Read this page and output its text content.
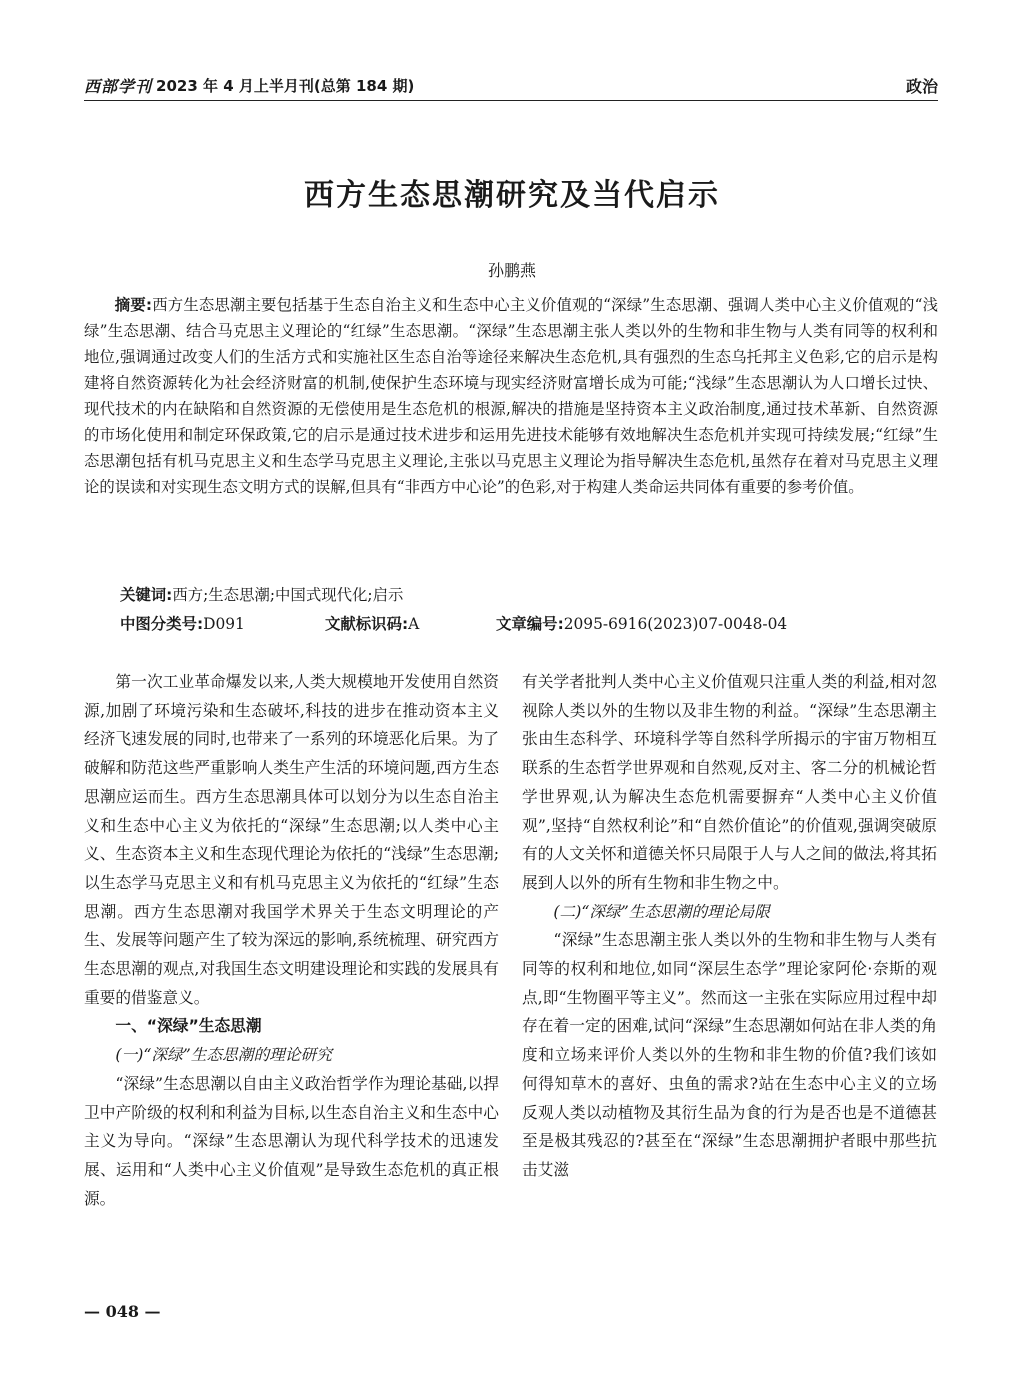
西部学刊 2023 年 4 月上半月刊(总第 184 期)	政治
西方生态思潮研究及当代启示
孙鹏燕
摘要:西方生态思潮主要包括基于生态自治主义和生态中心主义价值观的“深绿”生态思潮、强调人类中心主义价值观的“浅绿”生态思潮、结合马克思主义理论的“红绿”生态思潮。“深绿”生态思潮主张人类以外的生物和非生物与人类有同等的权利和地位,强调通过改变人们的生活方式和实施社区生态自治等途径来解决生态危机,具有强烈的生态乌托邦主义色彩,它的启示是构建将自然资源转化为社会经济财富的机制,使保护生态环境与现实经济财富增长成为可能;“浅绿”生态思潮认为人口增长过快、现代技术的内在缺陷和自然资源的无偿使用是生态危机的根源,解决的措施是坚持资本主义政治制度,通过技术革新、自然资源的市场化使用和制定环保政策,它的启示是通过技术进步和运用先进技术能够有效地解决生态危机并实现可持续发展;“红绿”生态思潮包括有机马克思主义和生态学马克思主义理论,主张以马克思主义理论为指导解决生态危机,虽然存在着对马克思主义理论的误读和对实现生态文明方式的误解,但具有“非西方中心论”的色彩,对于构建人类命运共同体有重要的参考价值。
关键词:西方;生态思潮;中国式现代化;启示
中图分类号:D091	文献标识码:A	文章编号:2095-6916(2023)07-0048-04

第一次工业革命爆发以来,人类大规模地开发使用自然资源,加剧了环境污染和生态破坏,科技的进步在推动资本主义经济飞速发展的同时,也带来了一系列的环境恶化后果。为了破解和防范这些严重影响人类生产生活的环境问题,西方生态思潮应运而生。西方生态思潮具体可以划分为以生态自治主义和生态中心主义为依托的“深绿”生态思潮;以人类中心主义、生态资本主义和生态现代理论为依托的“浅绿”生态思潮;以生态学马克思主义和有机马克思主义为依托的“红绿”生态思潮。西方生态思潮对我国学术界关于生态文明理论的产生、发展等问题产生了较为深远的影响,系统梳理、研究西方生态思潮的观点,对我国生态文明建设理论和实践的发展具有重要的借鉴意义。

一、“深绿”生态思潮

(一)“深绿”生态思潮的理论研究

“深绿”生态思潮以自由主义政治哲学作为理论基础,以捍卫中产阶级的权利和利益为目标,以生态自治主义和生态中心主义为导向。“深绿”生态思潮认为现代科学技术的迅速发展、运用和“人类中心主义价值观”是导致生态危机的真正根源。

有关学者批判人类中心主义价值观只注重人类的利益,相对忽视除人类以外的生物以及非生物的利益。“深绿”生态思潮主张由生态科学、环境科学等自然科学所揭示的宇宙万物相互联系的生态哲学世界观和自然观,反对主、客二分的机械论哲学世界观,认为解决生态危机需要摒弃“人类中心主义价值观”,坚持“自然权利论”和“自然价值论”的价值观,强调突破原有的人文关怀和道德关怀只局限于人与人之间的做法,将其拓展到人以外的所有生物和非生物之中。

(二)“深绿”生态思潮的理论局限

“深绿”生态思潮主张人类以外的生物和非生物与人类有同等的权利和地位,如同“深层生态学”理论家阿伦·奈斯的观点,即“生物圈平等主义”。然而这一主张在实际应用过程中却存在着一定的困难,试问“深绿”生态思潮如何站在非人类的角度和立场来评价人类以外的生物和非生物的价值?我们该如何得知草木的喜好、虫鱼的需求?站在生态中心主义的立场反观人类以动植物及其衍生品为食的行为是否也是不道德甚至是极其残忍的?甚至在“深绿”生态思潮拥护者眼中那些抗击艾滋

— 048 —
